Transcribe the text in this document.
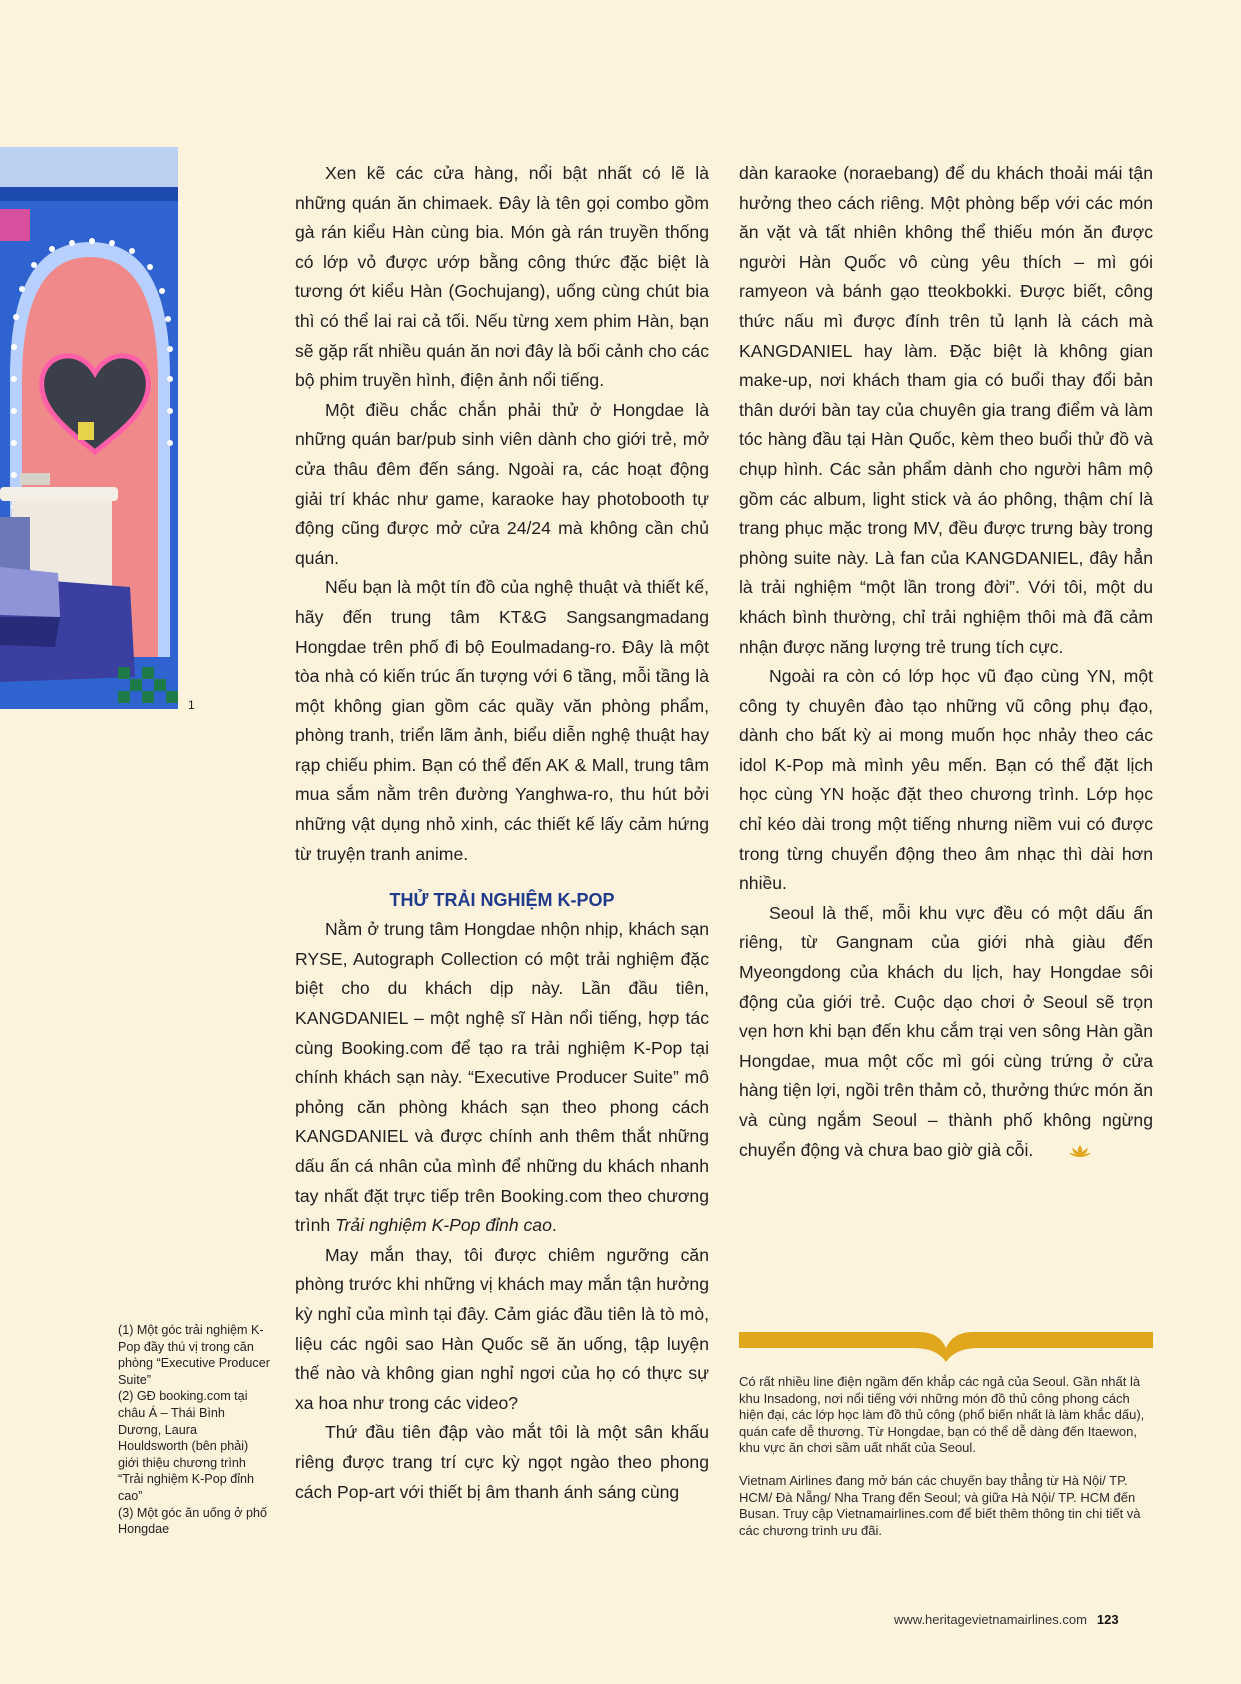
1

(1) Một góc trải nghiệm K-Pop đầy thú vị trong căn phòng “Executive Producer Suite”

(2) GĐ booking.com tại châu Á – Thái Bình Dương, Laura Houldsworth (bên phải) giới thiệu chương trình “Trải nghiệm K-Pop đỉnh cao”

(3) Một góc ăn uống ở phố Hongdae

Xen kẽ các cửa hàng, nổi bật nhất có lẽ là những quán ăn chimaek. Đây là tên gọi combo gồm gà rán kiểu Hàn cùng bia. Món gà rán truyền thống có lớp vỏ được ướp bằng công thức đặc biệt là tương ớt kiểu Hàn (Gochujang), uống cùng chút bia thì có thể lai rai cả tối. Nếu từng xem phim Hàn, bạn sẽ gặp rất nhiều quán ăn nơi đây là bối cảnh cho các bộ phim truyền hình, điện ảnh nổi tiếng.

Một điều chắc chắn phải thử ở Hongdae là những quán bar/pub sinh viên dành cho giới trẻ, mở cửa thâu đêm đến sáng. Ngoài ra, các hoạt động giải trí khác như game, karaoke hay photobooth tự động cũng được mở cửa 24/24 mà không cần chủ quán.

Nếu bạn là một tín đồ của nghệ thuật và thiết kế, hãy đến trung tâm KT&G Sangsangmadang Hongdae trên phố đi bộ Eoulmadang-ro. Đây là một tòa nhà có kiến trúc ấn tượng với 6 tầng, mỗi tầng là một không gian gồm các quầy văn phòng phẩm, phòng tranh, triển lãm ảnh, biểu diễn nghệ thuật hay rạp chiếu phim. Bạn có thể đến AK & Mall, trung tâm mua sắm nằm trên đường Yanghwa-ro, thu hút bởi những vật dụng nhỏ xinh, các thiết kế lấy cảm hứng từ truyện tranh anime.

THỬ TRẢI NGHIỆM K-POP

Nằm ở trung tâm Hongdae nhộn nhịp, khách sạn RYSE, Autograph Collection có một trải nghiệm đặc biệt cho du khách dịp này. Lần đầu tiên, KANGDANIEL – một nghệ sĩ Hàn nổi tiếng, hợp tác cùng Booking.com để tạo ra trải nghiệm K-Pop tại chính khách sạn này. “Executive Producer Suite” mô phỏng căn phòng khách sạn theo phong cách KANGDANIEL và được chính anh thêm thắt những dấu ấn cá nhân của mình để những du khách nhanh tay nhất đặt trực tiếp trên Booking.com theo chương trình Trải nghiệm K-Pop đỉnh cao.

May mắn thay, tôi được chiêm ngưỡng căn phòng trước khi những vị khách may mắn tận hưởng kỳ nghỉ của mình tại đây. Cảm giác đầu tiên là tò mò, liệu các ngôi sao Hàn Quốc sẽ ăn uống, tập luyện thế nào và không gian nghỉ ngơi của họ có thực sự xa hoa như trong các video?

Thứ đầu tiên đập vào mắt tôi là một sân khấu riêng được trang trí cực kỳ ngọt ngào theo phong cách Pop-art với thiết bị âm thanh ánh sáng cùng

dàn karaoke (noraebang) để du khách thoải mái tận hưởng theo cách riêng. Một phòng bếp với các món ăn vặt và tất nhiên không thể thiếu món ăn được người Hàn Quốc vô cùng yêu thích – mì gói ramyeon và bánh gạo tteokbokki. Được biết, công thức nấu mì được đính trên tủ lạnh là cách mà KANGDANIEL hay làm. Đặc biệt là không gian make-up, nơi khách tham gia có buổi thay đổi bản thân dưới bàn tay của chuyên gia trang điểm và làm tóc hàng đầu tại Hàn Quốc, kèm theo buổi thử đồ và chụp hình. Các sản phẩm dành cho người hâm mộ gồm các album, light stick và áo phông, thậm chí là trang phục mặc trong MV, đều được trưng bày trong phòng suite này. Là fan của KANGDANIEL, đây hẳn là trải nghiệm “một lần trong đời”. Với tôi, một du khách bình thường, chỉ trải nghiệm thôi mà đã cảm nhận được năng lượng trẻ trung tích cực.

Ngoài ra còn có lớp học vũ đạo cùng YN, một công ty chuyên đào tạo những vũ công phụ đạo, dành cho bất kỳ ai mong muốn học nhảy theo các idol K-Pop mà mình yêu mến. Bạn có thể đặt lịch học cùng YN hoặc đặt theo chương trình. Lớp học chỉ kéo dài trong một tiếng nhưng niềm vui có được trong từng chuyển động theo âm nhạc thì dài hơn nhiều.

Seoul là thế, mỗi khu vực đều có một dấu ấn riêng, từ Gangnam của giới nhà giàu đến Myeongdong của khách du lịch, hay Hongdae sôi động của giới trẻ. Cuộc dạo chơi ở Seoul sẽ trọn vẹn hơn khi bạn đến khu cắm trại ven sông Hàn gần Hongdae, mua một cốc mì gói cùng trứng ở cửa hàng tiện lợi, ngồi trên thảm cỏ, thưởng thức món ăn và cùng ngắm Seoul – thành phố không ngừng chuyển động và chưa bao giờ già cỗi.

Có rất nhiều line điện ngầm đến khắp các ngả của Seoul. Gần nhất là khu Insadong, nơi nổi tiếng với những món đồ thủ công phong cách hiện đại, các lớp học làm đồ thủ công (phổ biến nhất là làm khắc dấu), quán cafe dễ thương. Từ Hongdae, bạn có thể dễ dàng đến Itaewon, khu vực ăn chơi sầm uất nhất của Seoul.

Vietnam Airlines đang mở bán các chuyến bay thẳng từ Hà Nội/ TP. HCM/ Đà Nẵng/ Nha Trang đến Seoul; và giữa Hà Nội/ TP. HCM đến Busan. Truy cập Vietnamairlines.com để biết thêm thông tin chi tiết và các chương trình ưu đãi.

www.heritagevietnamairlines.com 123
